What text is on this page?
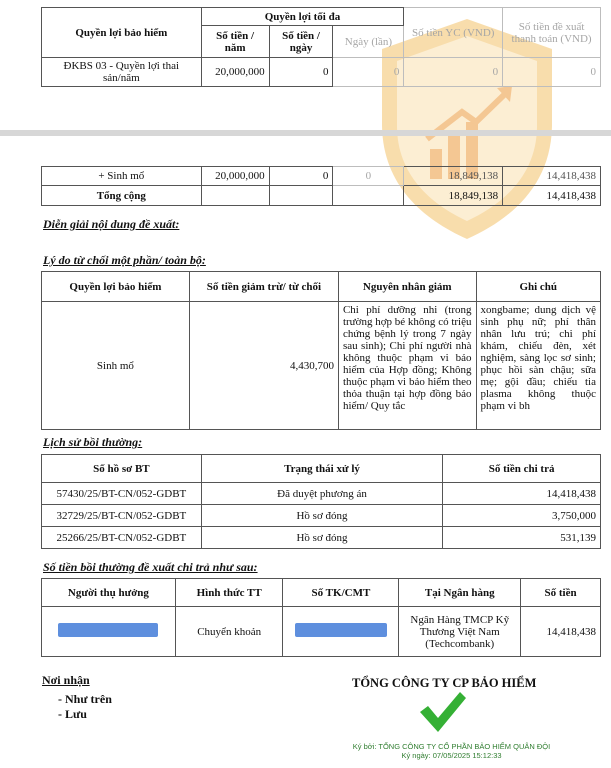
Quyền lợi bảo hiểm	Quyền lợi tối đa			Số tiền YC (VND)	Số tiền đề xuất thanh toán (VND)
	Số tiền / năm	Số tiền / ngày	Ngày (lần)		
ĐKBS 03 - Quyền lợi thai sản/năm	20,000,000	0	0	0	0
+ Sinh mổ	20,000,000	0	0	18,849,138	14,418,438
Tổng cộng				18,849,138	14,418,438
Diễn giải nội dung đề xuất:
Lý do từ chối một phần/ toàn bộ:
Quyền lợi bảo hiểm	Số tiền giảm trừ/ từ chối	Nguyên nhân giảm	Ghi chú
Sinh mổ	4,430,700	Chi phí dưỡng nhi (trong trường hợp bé không có triệu chứng bệnh lý trong 7 ngày sau sinh); Chi phí người nhà không thuộc phạm vi bảo hiểm của Hợp đồng; Không thuộc phạm vi bảo hiểm theo thỏa thuận tại hợp đồng bảo hiểm/ Quy tắc	xongbame; dung dịch vệ sinh phụ nữ; phí thân nhân lưu trú; chi phí khám, chiếu đèn, xét nghiệm, sàng lọc sơ sinh; phục hồi sàn chậu; sữa mẹ; gội đầu; chiếu tia plasma không thuộc phạm vi bh
Lịch sử bồi thường:
Số hồ sơ BT	Trạng thái xử lý	Số tiền chi trả
57430/25/BT-CN/052-GDBT	Đã duyệt phương án	14,418,438
32729/25/BT-CN/052-GDBT	Hồ sơ đóng	3,750,000
25266/25/BT-CN/052-GDBT	Hồ sơ đóng	531,139
Số tiền bồi thường đề xuất chi trả như sau:
Người thụ hưởng	Hình thức TT	Số TK/CMT	Tại Ngân hàng	Số tiền
	Chuyển khoản		Ngân Hàng TMCP Kỹ Thương Việt Nam (Techcombank)	14,418,438
Nơi nhận
- Như trên
- Lưu
TỔNG CÔNG TY CP BẢO HIỂM
Ký bởi: TỔNG CÔNG TY CỔ PHẦN BẢO HIỂM QUÂN ĐỘI
Ký ngày: 07/05/2025 15:12:33
